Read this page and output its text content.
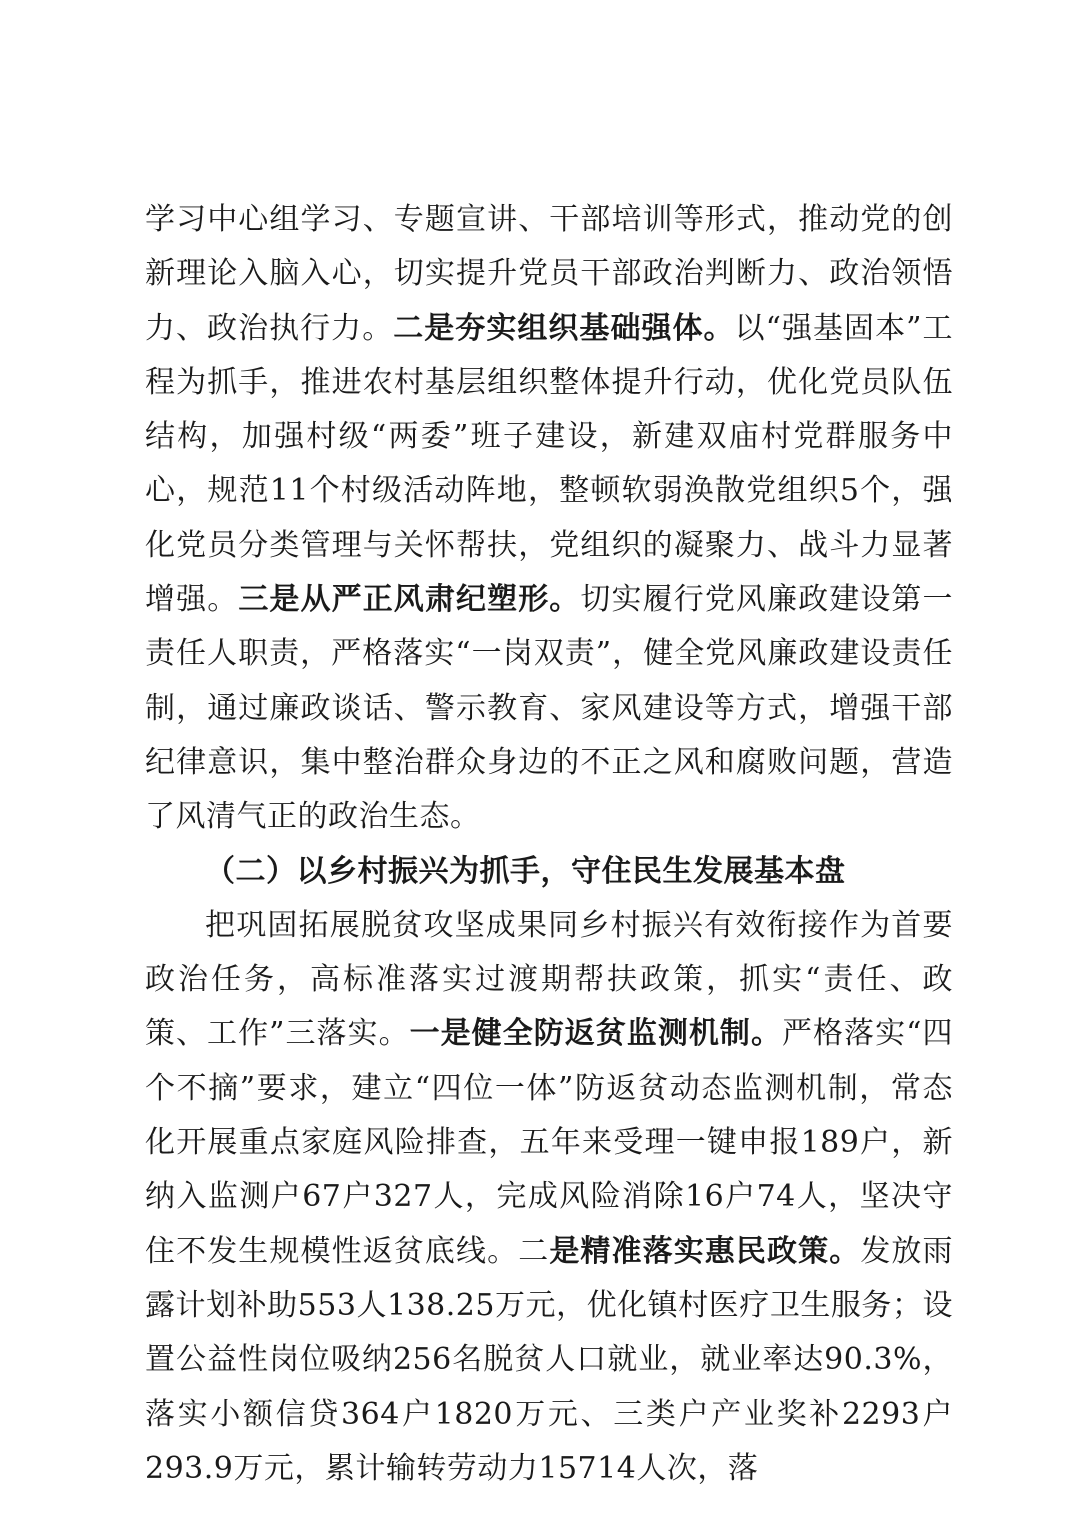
学习中心组学习、专题宣讲、干部培训等形式，推动党的创新理论入脑入心，切实提升党员干部政治判断力、政治领悟力、政治执行力。二是夯实组织基础强体。以“强基固本”工程为抓手，推进农村基层组织整体提升行动，优化党员队伍结构，加强村级“两委”班子建设，新建双庙村党群服务中心，规范11个村级活动阵地，整顿软弱涣散党组织5个，强化党员分类管理与关怀帮扶，党组织的凝聚力、战斗力显著增强。三是从严正风肃纪塑形。切实履行党风廉政建设第一责任人职责，严格落实“一岗双责”，健全党风廉政建设责任制，通过廉政谈话、警示教育、家风建设等方式，增强干部纪律意识，集中整治群众身边的不正之风和腐败问题，营造了风清气正的政治生态。

（二）以乡村振兴为抓手，守住民生发展基本盘

把巩固拓展脱贫攻坚成果同乡村振兴有效衔接作为首要政治任务，高标准落实过渡期帮扶政策，抓实“责任、政策、工作”三落实。一是健全防返贫监测机制。严格落实“四个不摘”要求，建立“四位一体”防返贫动态监测机制，常态化开展重点家庭风险排查，五年来受理一键申报189户，新纳入监测户67户327人，完成风险消除16户74人，坚决守住不发生规模性返贫底线。二是精准落实惠民政策。发放雨露计划补助553人138.25万元，优化镇村医疗卫生服务；设置公益性岗位吸纳256名脱贫人口就业，就业率达90.3%，落实小额信贷364户1820万元、三类户产业奖补2293户293.9万元，累计输转劳动力15714人次，落
